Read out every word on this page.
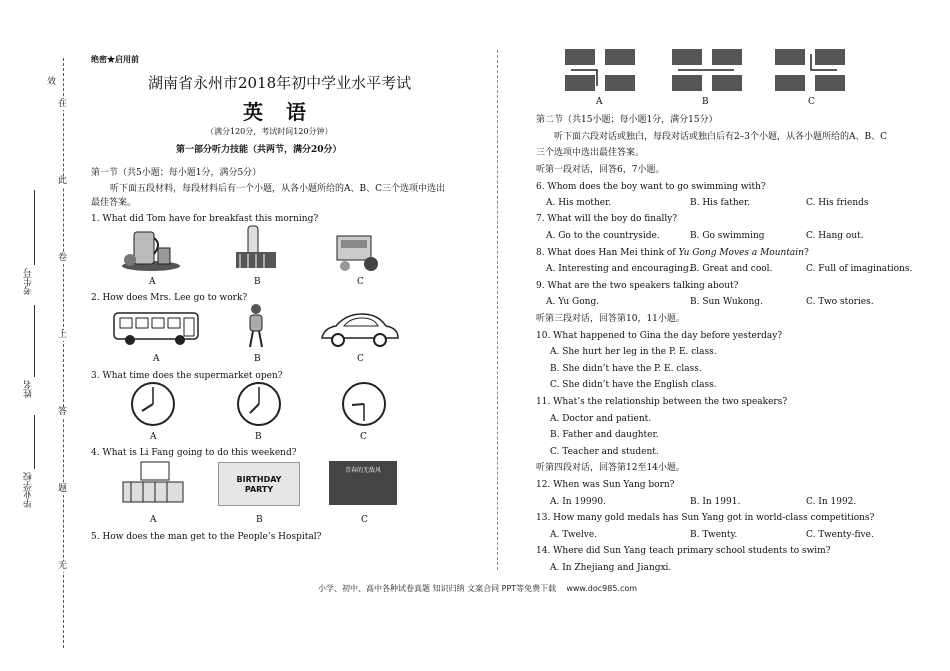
效
在
此
卷
上
答
题
无
考生号
姓名
毕业学校
绝密★启用前
湖南省永州市2018年初中学业水平考试
英 语
（满分120分，考试时间120分钟）
第一部分听力技能（共两节，满分20分）
第一节（共5小题；每小题1分，满分5分）
听下面五段材料，每段材料后有一个小题，从各小题所给的A、B、C三个选项中选出
最佳答案。
1. What did Tom have for breakfast this morning?
A	B	C
2. How does Mrs. Lee go to work?
A	B	C
3. What time does the supermarket open?
A	B	C
4. What is Li Fang going to do this weekend?
BIRTHDAY PARTY
青春的无敌风
A	B	C
5. How does the man get to the People’s Hospital?
A	B	C
第二节（共15小题；每小题1分，满分15分）
听下面六段对话或独白，每段对话或独白后有2–3个小题，从各小题所给的A、B、C
三个选项中选出最佳答案。
听第一段对话，回答6，7小题。
6. Whom does the boy want to go swimming with?
A. His mother.	B. His father.	C. His friends
7. What will the boy do finally?
A. Go to the countryside.	B. Go swimming	C. Hang out.
8. What does Han Mei think of Yu Gong Moves a Mountain?
A. Interesting and encouraging.
B. Great and cool.	C. Full of imaginations.
9. What are the two speakers talking about?
A. Yu Gong.	B. Sun Wukong.	C. Two stories.
听第三段对话，回答第10，11小题。
10. What happened to Gina the day before yesterday?
A. She hurt her leg in the P. E. class.
B. She didn’t have the P. E. class.
C. She didn’t have the English class.
11. What’s the relationship between the two speakers?
A. Doctor and patient.
B. Father and daughter.
C. Teacher and student.
听第四段对话，回答第12至14小题。
12. When was Sun Yang born?
A. In 19990.	B. In 1991.	C. In 1992.
13. How many gold medals has Sun Yang got in world-class competitions?
A. Twelve.	B. Twenty.	C. Twenty-five.
14. Where did Sun Yang teach primary school students to swim?
A. In Zhejiang and Jiangxi.
小学、初中、高中各种试卷真题 知识归纳 文案合同 PPT等免费下载    www.doc985.com
